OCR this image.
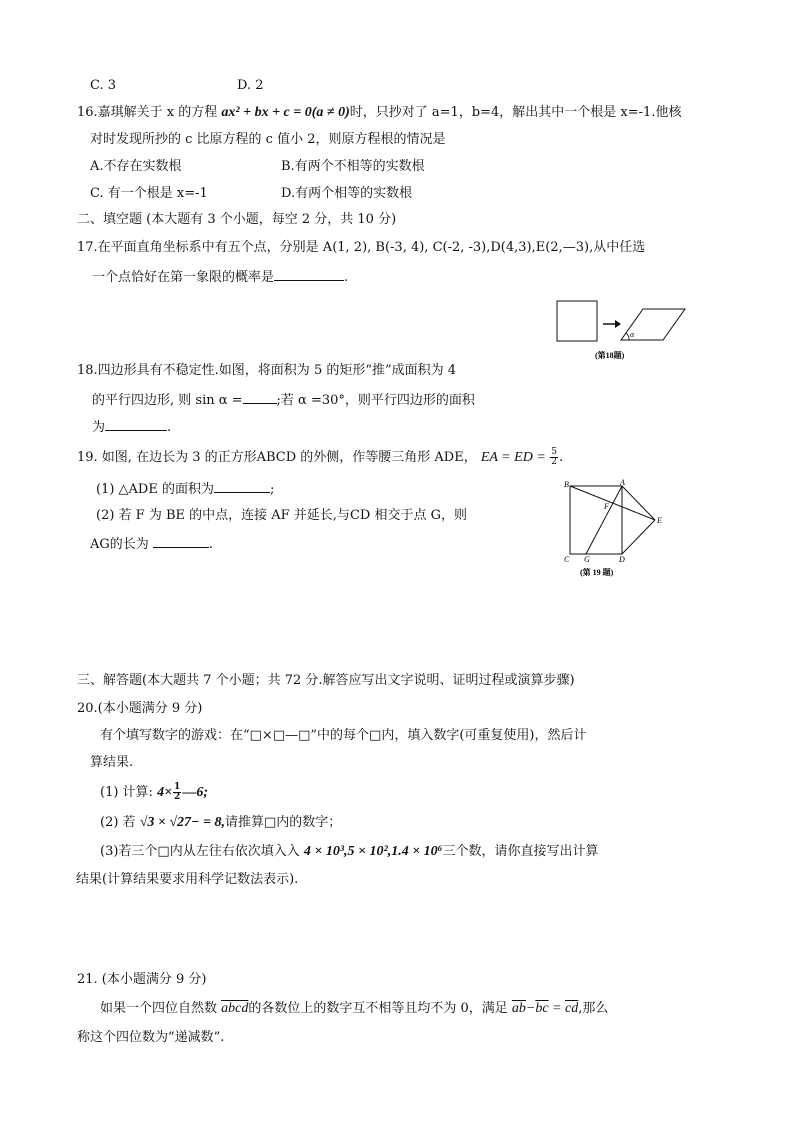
C. 3	D. 2
16.嘉琪解关于 x 的方程 ax² + bx + c = 0(a ≠ 0)时，只抄对了 a=1，b=4，解出其中一个根是 x=-1.他核
对时发现所抄的 c 比原方程的 c 值小 2，则原方程根的情况是
A.不存在实数根	B.有两个不相等的实数根
C. 有一个根是 x=-1	D.有两个相等的实数根
二、填空题 (本大题有 3 个小题，每空 2 分，共 10 分)
17.在平面直角坐标系中有五个点，分别是 A(1, 2), B(-3, 4), C(-2, -3),D(4,3),E(2,—3),从中任选
一个点恰好在第一象限的概率是	.
α
(第18题)
18.四边形具有不稳定性.如图，将面积为 5 的矩形“推”成面积为 4
的平行四边形, 则 sin α =	;若 α =30°，则平行四边形的面积
为	.
19. 如图, 在边长为 3 的正方形ABCD 的外侧，作等腰三角形 ADE， EA = ED = $\frac{5}{2}$ .
(1) △ADE 的面积为	;
(2) 若 F 为 BE 的中点，连接 AF 并延长,与CD 相交于点 G，则
AG的长为	.
B	A
F
E
C G	D
(第 19 题)
三、解答题(本大题共 7 个小题；共 72 分.解答应写出文字说明、证明过程或演算步骤)
20.(本小题满分 9 分)
有个填写数字的游戏：在“□×□—□”中的每个□内，填入数字(可重复使用)，然后计
算结果.
(1) 计算: $4\times \frac{1}{2}$ —6;
(2) 若 √3 × √27− = 8,请推算□内的数字；
(3)若三个□内从左往右依次填入入 4 × 10³,5 × 10²,1.4 × 10⁶三个数，请你直接写出计算
结果(计算结果要求用科学记数法表示).
21. (本小题满分 9 分)
如果一个四位自然数 abcd的各数位上的数字互不相等且均不为 0，满足 $\overline{ab}-\overline{bc} = \overline{cd}$,那么
称这个四位数为“递减数”.
